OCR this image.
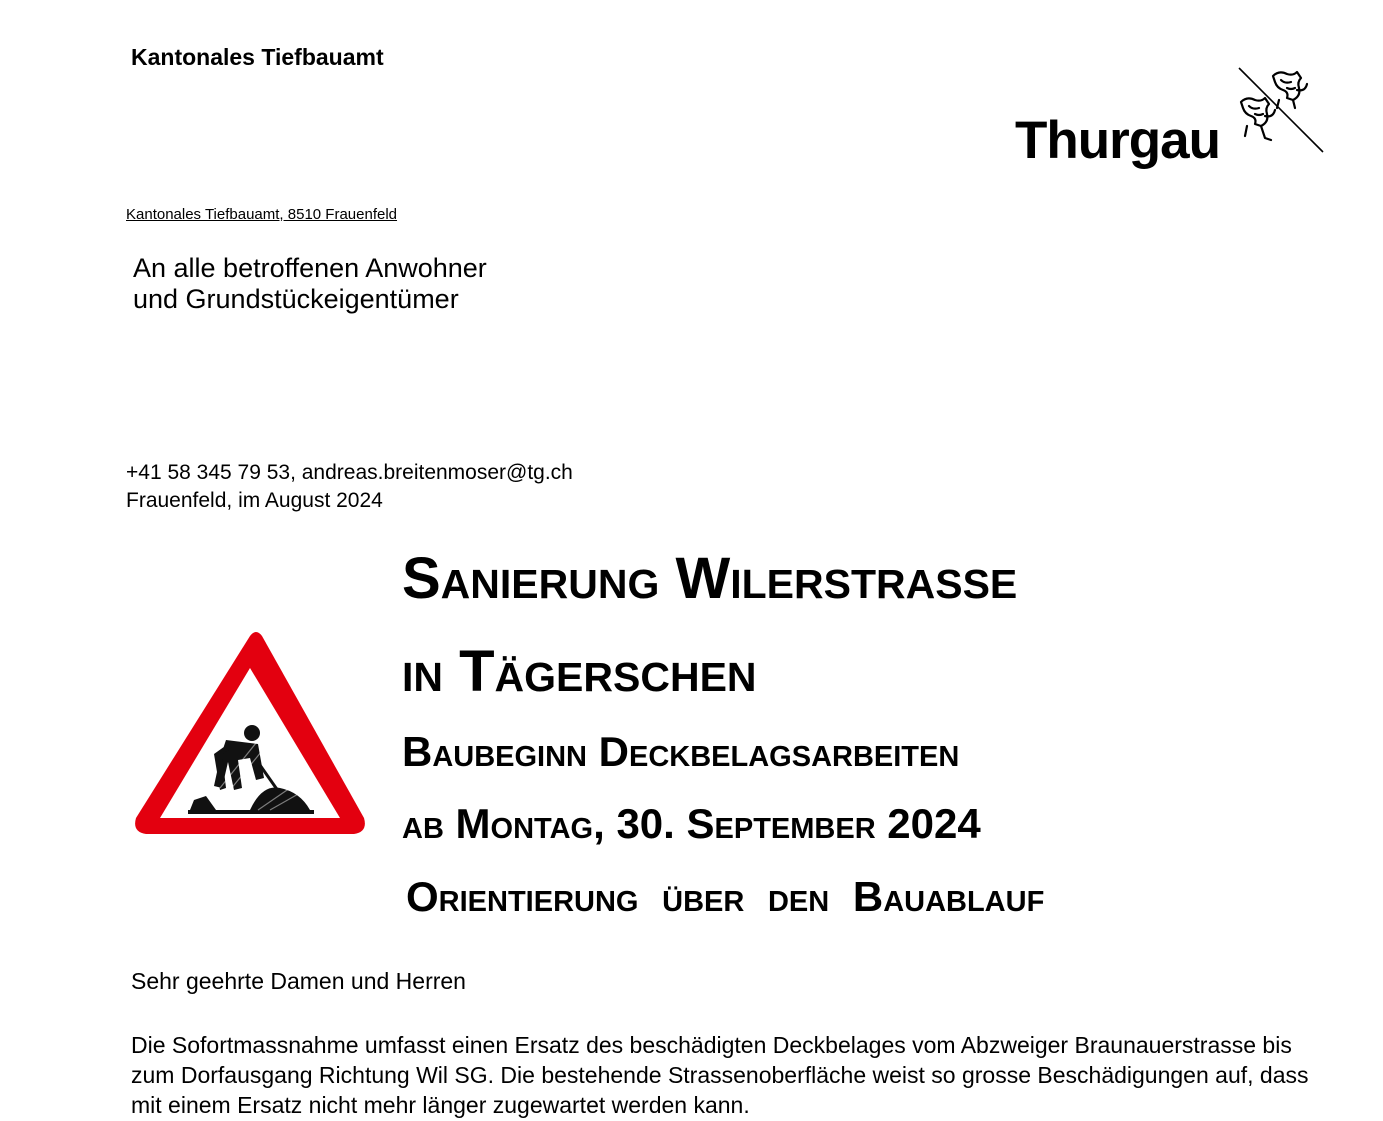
Kantonales Tiefbauamt
Thurgau
Kantonales Tiefbauamt, 8510 Frauenfeld
An alle betroffenen Anwohner
und Grundstückeigentümer
+41 58 345 79 53, andreas.breitenmoser@tg.ch
Frauenfeld, im August 2024
Sanierung Wilerstrasse
in Tägerschen
Baubeginn Deckbelagsarbeiten
ab Montag, 30. September 2024
Orientierung über den Bauablauf
Sehr geehrte Damen und Herren
Die Sofortmassnahme umfasst einen Ersatz des beschädigten Deckbelages vom Abzweiger Braunauerstrasse bis zum Dorfausgang Richtung Wil SG. Die bestehende Strassenoberfläche weist so grosse Beschädigungen auf, dass mit einem Ersatz nicht mehr länger zugewartet werden kann.
